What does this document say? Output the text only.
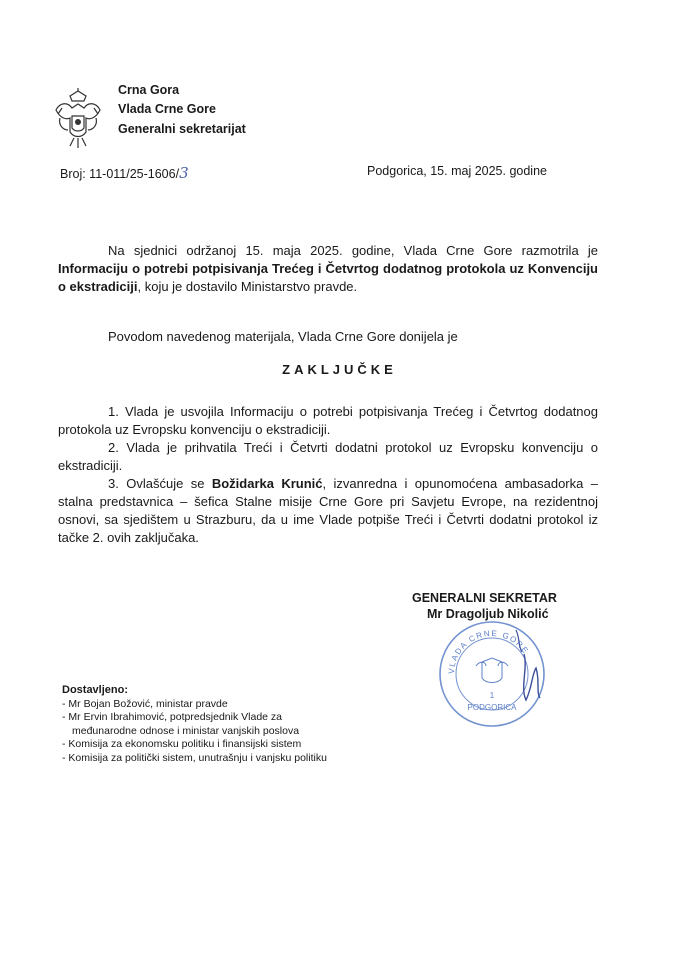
Crna Gora
Vlada Crne Gore
Generalni sekretarijat
Broj: 11-011/25-1606/3	Podgorica, 15. maj 2025. godine
Na sjednici održanoj 15. maja 2025. godine, Vlada Crne Gore razmotrila je Informaciju o potrebi potpisivanja Trećeg i Četvrtog dodatnog protokola uz Konvenciju o ekstradiciji, koju je dostavilo Ministarstvo pravde.
Povodom navedenog materijala, Vlada Crne Gore donijela je
ZAKLJUČKE
1. Vlada je usvojila Informaciju o potrebi potpisivanja Trećeg i Četvrtog dodatnog protokola uz Evropsku konvenciju o ekstradiciji.
2. Vlada je prihvatila Treći i Četvrti dodatni protokol uz Evropsku konvenciju o ekstradiciji.
3. Ovlašćuje se Božidarka Krunić, izvanredna i opunomoćena ambasadorka – stalna predstavnica – šefica Stalne misije Crne Gore pri Savjetu Evrope, na rezidentnoj osnovi, sa sjedištem u Strazburu, da u ime Vlade potpiše Treći i Četvrti dodatni protokol iz tačke 2. ovih zaključaka.
GENERALNI SEKRETAR
Mr Dragoljub Nikolić
VLADA CRNE GORE
1
PODGORICA
Dostavljeno:
- Mr Bojan Božović, ministar pravde
- Mr Ervin Ibrahimović, potpredsjednik Vlade za međunarodne odnose i ministar vanjskih poslova
- Komisija za ekonomsku politiku i finansijski sistem
- Komisija za politički sistem, unutrašnju i vanjsku politiku
